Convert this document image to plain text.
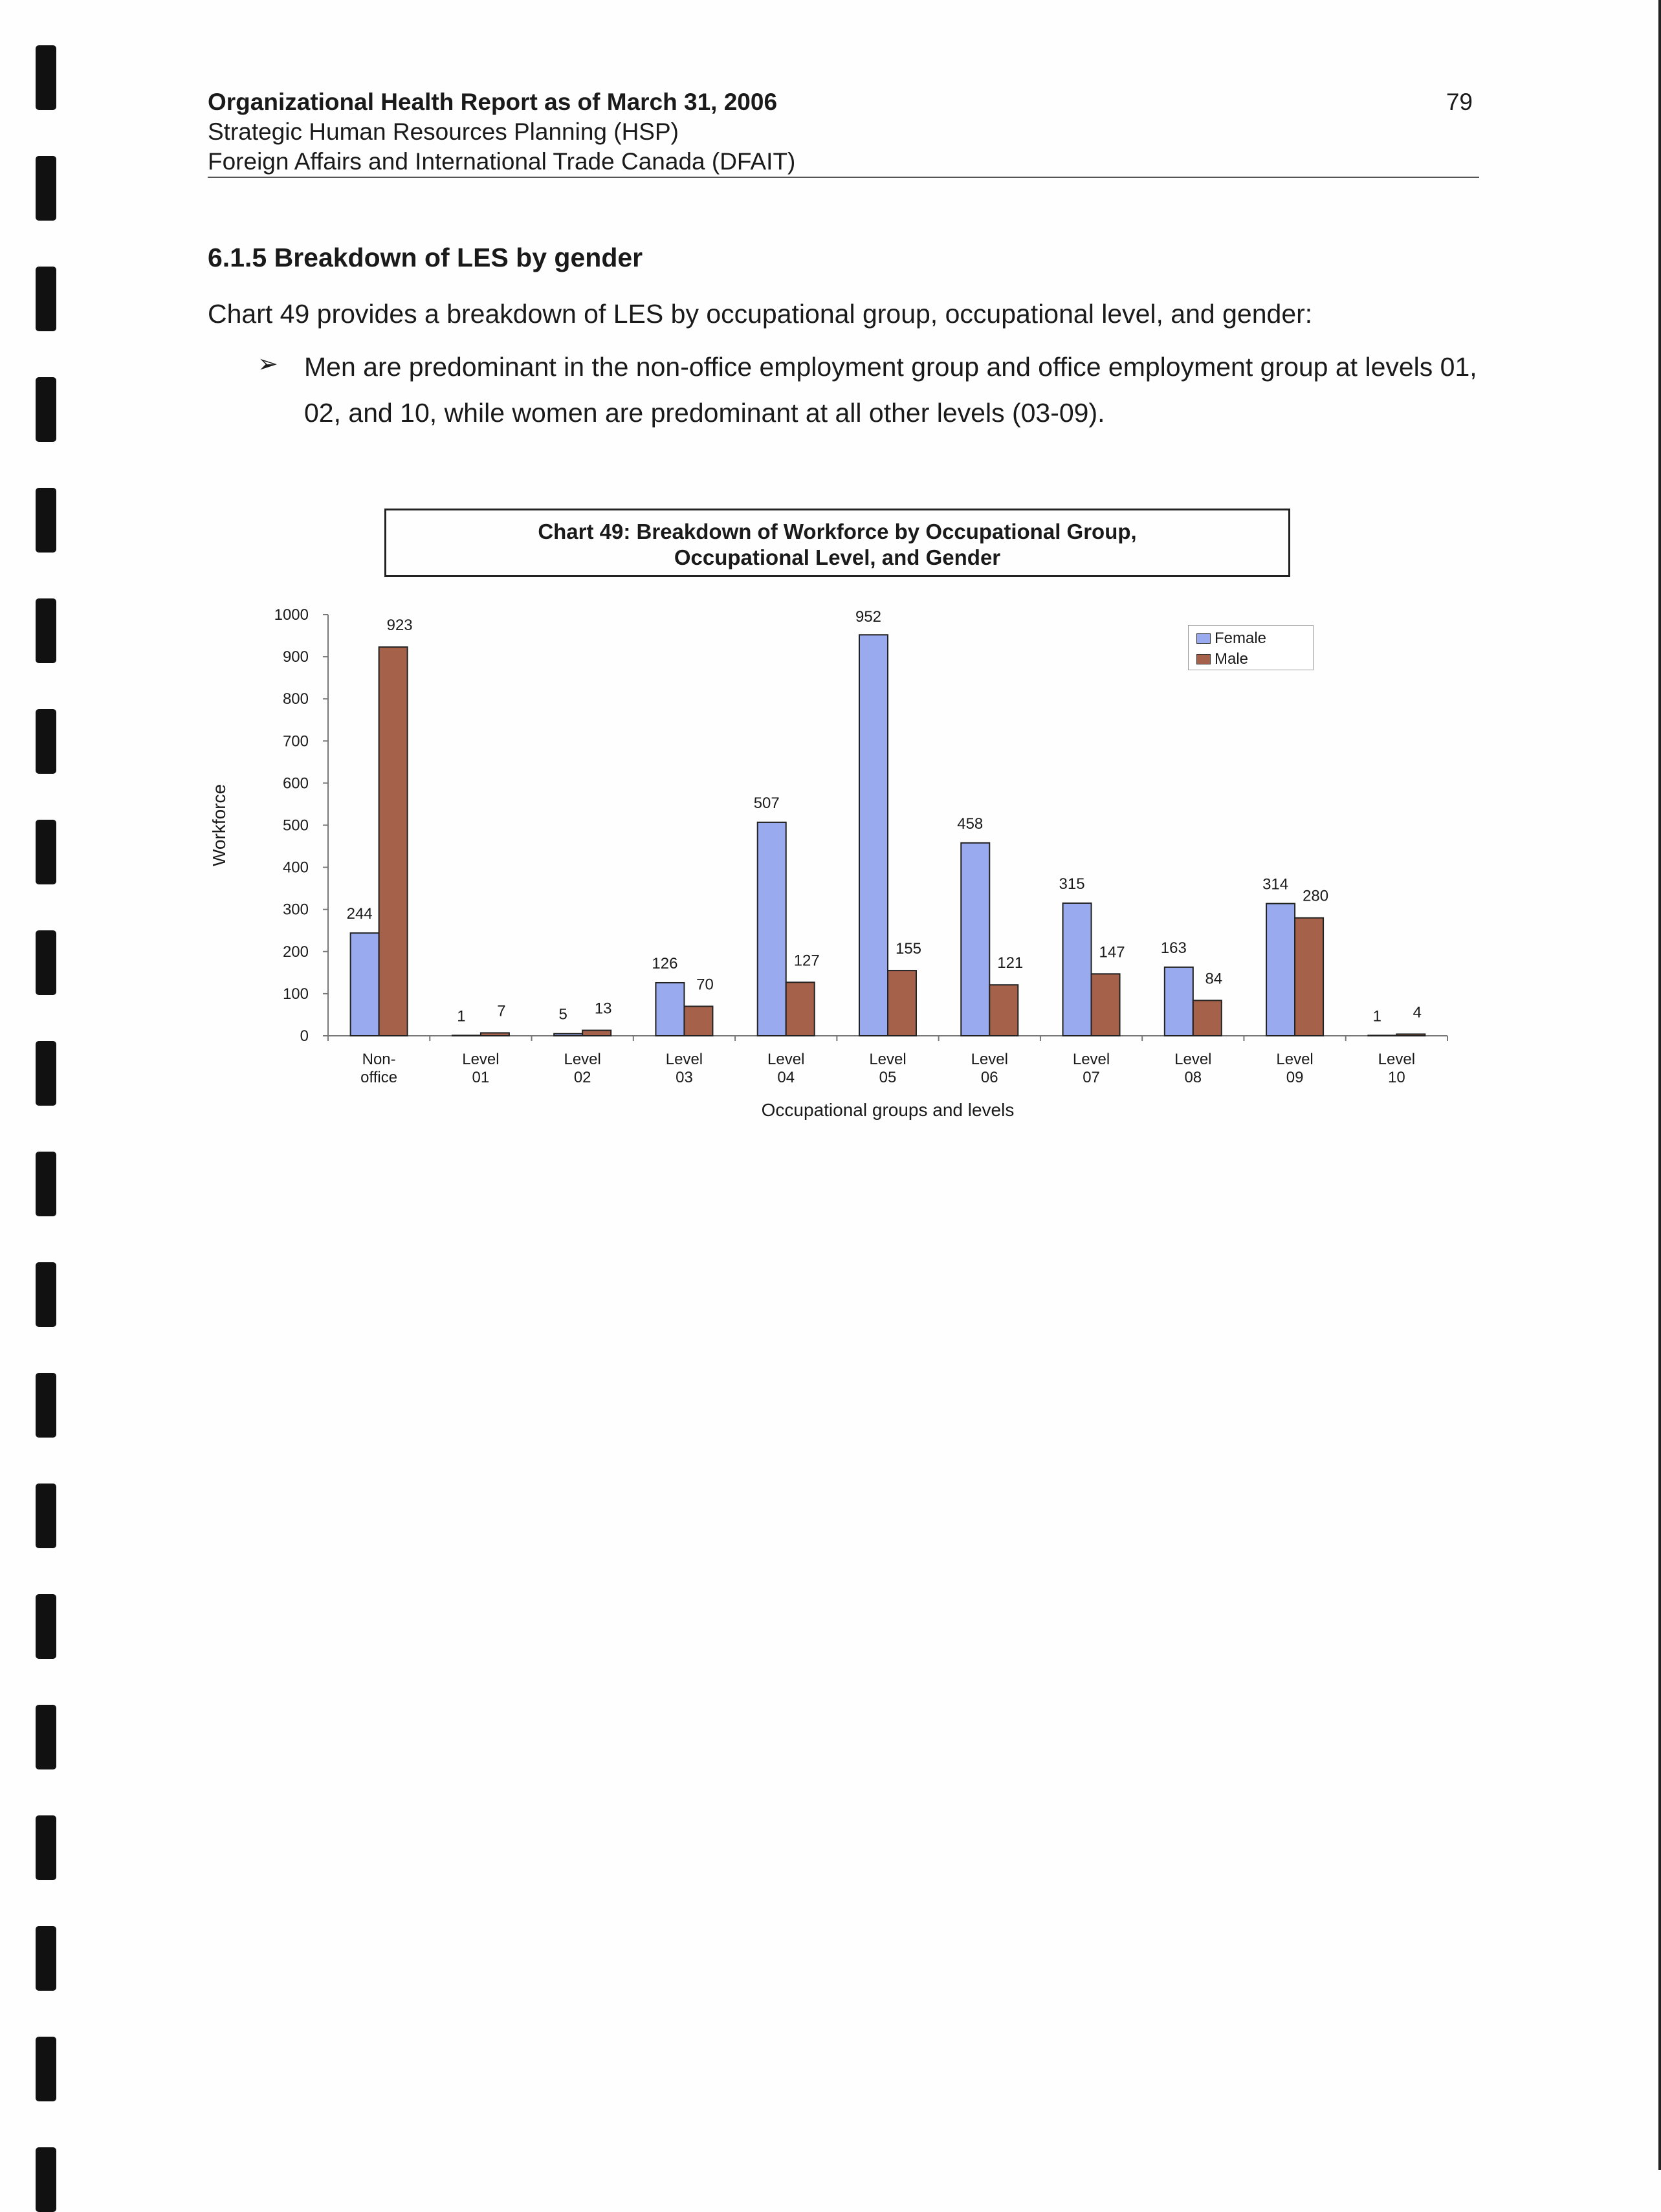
Organizational Health Report as of March 31, 2006
Strategic Human Resources Planning (HSP)
Foreign Affairs and International Trade Canada (DFAIT)
79
6.1.5 Breakdown of LES by gender
Chart 49 provides a breakdown of LES by occupational group, occupational level, and gender:
➢ Men are predominant in the non-office employment group and office employment group at levels 01, 02, and 10, while women are predominant at all other levels (03-09).
Chart 49: Breakdown of Workforce by Occupational Group,
Occupational Level, and Gender
0
100
200
300
400
500
600
700
800
900
1000
244
923
Non-
office
1 7
Level
01
5 13
Level
02
126
70
Level
03
507
127
Level
04
952
155
Level
05
458
121
Level
06
315
147
Level
07
163
84
Level
08
314
280
Level
09
1 4
Level
10
Occupational groups and levels
Workforce
Female
Male
